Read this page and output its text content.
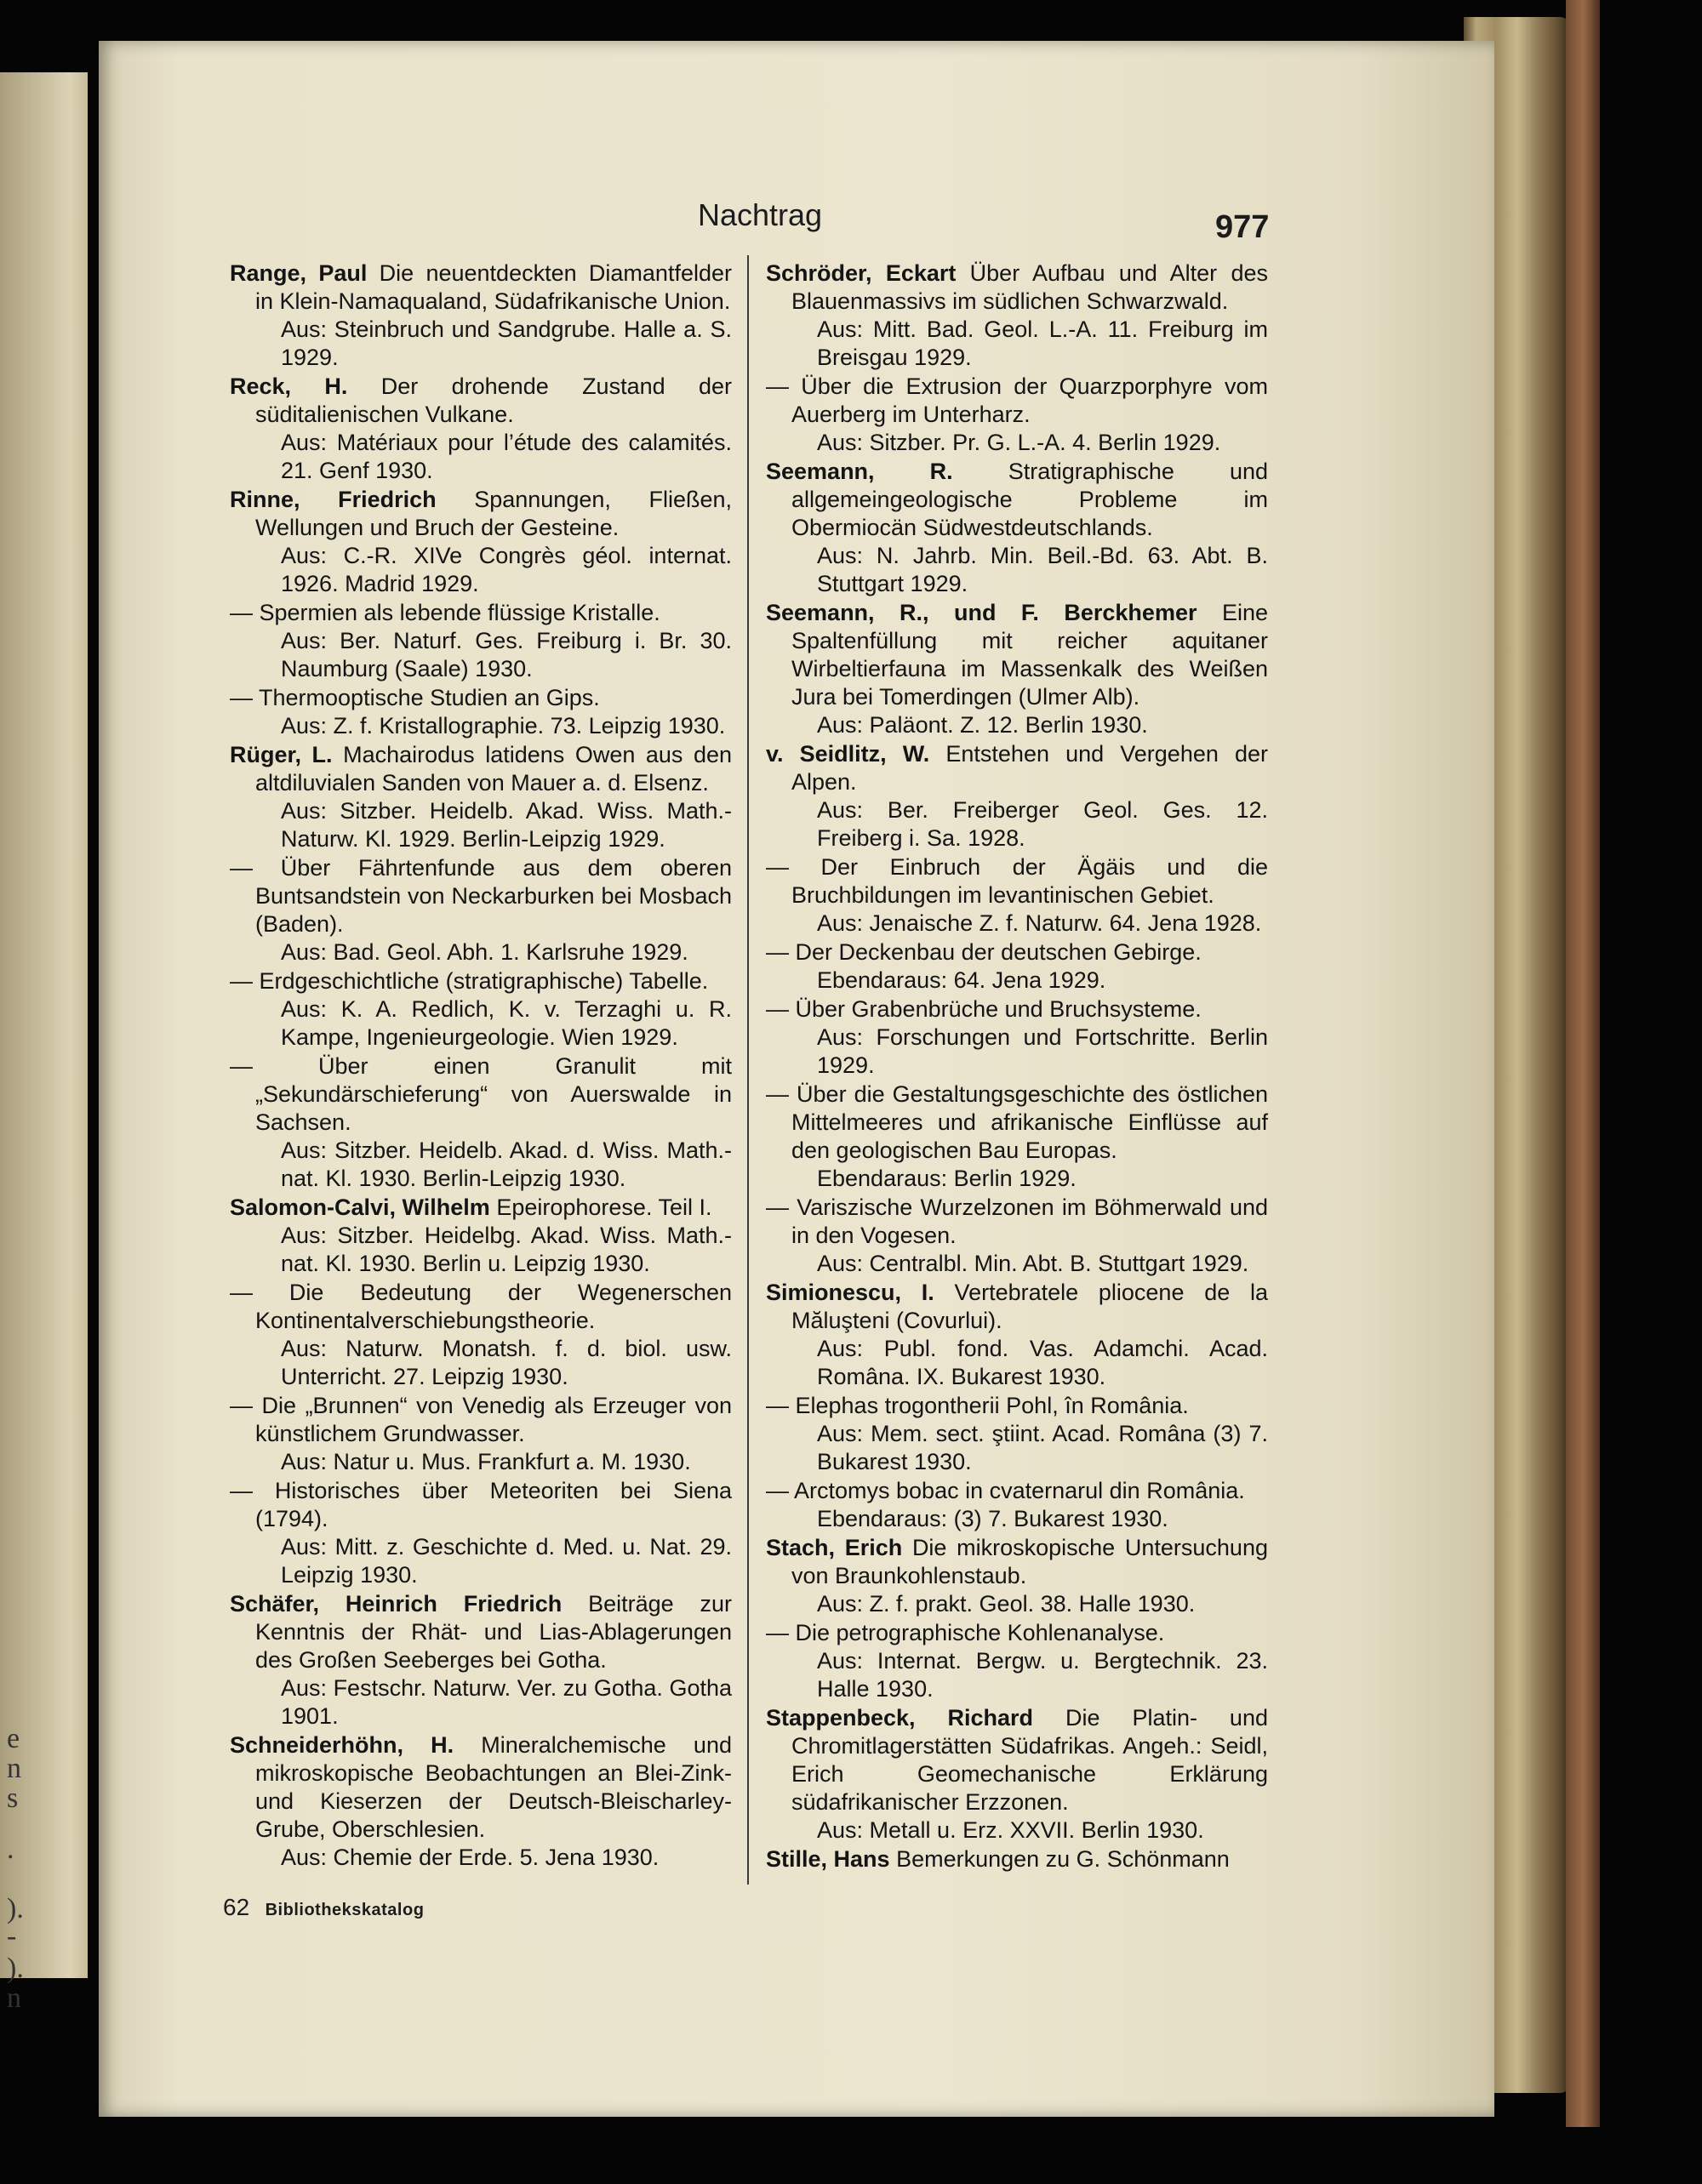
e
n
s
.
).
-
).
n
Nachtrag	977
Range, Paul Die neuentdeckten Diamantfelder in Klein-Namaqualand, Südafrikanische Union.
Aus: Steinbruch und Sandgrube. Halle a. S. 1929.
Reck, H. Der drohende Zustand der süditalienischen Vulkane.
Aus: Matériaux pour l’étude des calamités. 21. Genf 1930.
Rinne, Friedrich Spannungen, Fließen, Wellungen und Bruch der Gesteine.
Aus: C.-R. XIVe Congrès géol. internat. 1926. Madrid 1929.
— Spermien als lebende flüssige Kristalle.
Aus: Ber. Naturf. Ges. Freiburg i. Br. 30. Naumburg (Saale) 1930.
— Thermooptische Studien an Gips.
Aus: Z. f. Kristallographie. 73. Leipzig 1930.
Rüger, L. Machairodus latidens Owen aus den altdiluvialen Sanden von Mauer a. d. Elsenz.
Aus: Sitzber. Heidelb. Akad. Wiss. Math.-Naturw. Kl. 1929. Berlin-Leipzig 1929.
— Über Fährtenfunde aus dem oberen Buntsandstein von Neckarburken bei Mosbach (Baden).
Aus: Bad. Geol. Abh. 1. Karlsruhe 1929.
— Erdgeschichtliche (stratigraphische) Tabelle.
Aus: K. A. Redlich, K. v. Terzaghi u. R. Kampe, Ingenieurgeologie. Wien 1929.
— Über einen Granulit mit „Sekundärschieferung“ von Auerswalde in Sachsen.
Aus: Sitzber. Heidelb. Akad. d. Wiss. Math.-nat. Kl. 1930. Berlin-Leipzig 1930.
Salomon-Calvi, Wilhelm Epeirophorese. Teil I.
Aus: Sitzber. Heidelbg. Akad. Wiss. Math.-nat. Kl. 1930. Berlin u. Leipzig 1930.
— Die Bedeutung der Wegenerschen Kontinentalverschiebungstheorie.
Aus: Naturw. Monatsh. f. d. biol. usw. Unterricht. 27. Leipzig 1930.
— Die „Brunnen“ von Venedig als Erzeuger von künstlichem Grundwasser.
Aus: Natur u. Mus. Frankfurt a. M. 1930.
— Historisches über Meteoriten bei Siena (1794).
Aus: Mitt. z. Geschichte d. Med. u. Nat. 29. Leipzig 1930.
Schäfer, Heinrich Friedrich Beiträge zur Kenntnis der Rhät- und Lias-Ablagerungen des Großen Seeberges bei Gotha.
Aus: Festschr. Naturw. Ver. zu Gotha. Gotha 1901.
Schneiderhöhn, H. Mineralchemische und mikroskopische Beobachtungen an Blei-Zink- und Kieserzen der Deutsch-Bleischarley-Grube, Oberschlesien.
Aus: Chemie der Erde. 5. Jena 1930.
Schröder, Eckart Über Aufbau und Alter des Blauenmassivs im südlichen Schwarzwald.
Aus: Mitt. Bad. Geol. L.-A. 11. Freiburg im Breisgau 1929.
— Über die Extrusion der Quarzporphyre vom Auerberg im Unterharz.
Aus: Sitzber. Pr. G. L.-A. 4. Berlin 1929.
Seemann, R. Stratigraphische und allgemeingeologische Probleme im Obermiocän Südwestdeutschlands.
Aus: N. Jahrb. Min. Beil.-Bd. 63. Abt. B. Stuttgart 1929.
Seemann, R., und F. Berckhemer Eine Spaltenfüllung mit reicher aquitaner Wirbeltierfauna im Massenkalk des Weißen Jura bei Tomerdingen (Ulmer Alb).
Aus: Paläont. Z. 12. Berlin 1930.
v. Seidlitz, W. Entstehen und Vergehen der Alpen.
Aus: Ber. Freiberger Geol. Ges. 12. Freiberg i. Sa. 1928.
— Der Einbruch der Ägäis und die Bruchbildungen im levantinischen Gebiet.
Aus: Jenaische Z. f. Naturw. 64. Jena 1928.
— Der Deckenbau der deutschen Gebirge.
Ebendaraus: 64. Jena 1929.
— Über Grabenbrüche und Bruchsysteme.
Aus: Forschungen und Fortschritte. Berlin 1929.
— Über die Gestaltungsgeschichte des östlichen Mittelmeeres und afrikanische Einflüsse auf den geologischen Bau Europas.
Ebendaraus: Berlin 1929.
— Variszische Wurzelzonen im Böhmerwald und in den Vogesen.
Aus: Centralbl. Min. Abt. B. Stuttgart 1929.
Simionescu, I. Vertebratele pliocene de la Măluşteni (Covurlui).
Aus: Publ. fond. Vas. Adamchi. Acad. Româna. IX. Bukarest 1930.
— Elephas trogontherii Pohl, în România.
Aus: Mem. sect. ştiint. Acad. Româna (3) 7. Bukarest 1930.
— Arctomys bobac in cvaternarul din România.
Ebendaraus: (3) 7. Bukarest 1930.
Stach, Erich Die mikroskopische Untersuchung von Braunkohlenstaub.
Aus: Z. f. prakt. Geol. 38. Halle 1930.
— Die petrographische Kohlenanalyse.
Aus: Internat. Bergw. u. Bergtechnik. 23. Halle 1930.
Stappenbeck, Richard Die Platin- und Chromitlagerstätten Südafrikas. Angeh.: Seidl, Erich Geomechanische Erklärung südafrikanischer Erzzonen.
Aus: Metall u. Erz. XXVII. Berlin 1930.
Stille, Hans Bemerkungen zu G. Schönmann
62 Bibliothekskatalog
